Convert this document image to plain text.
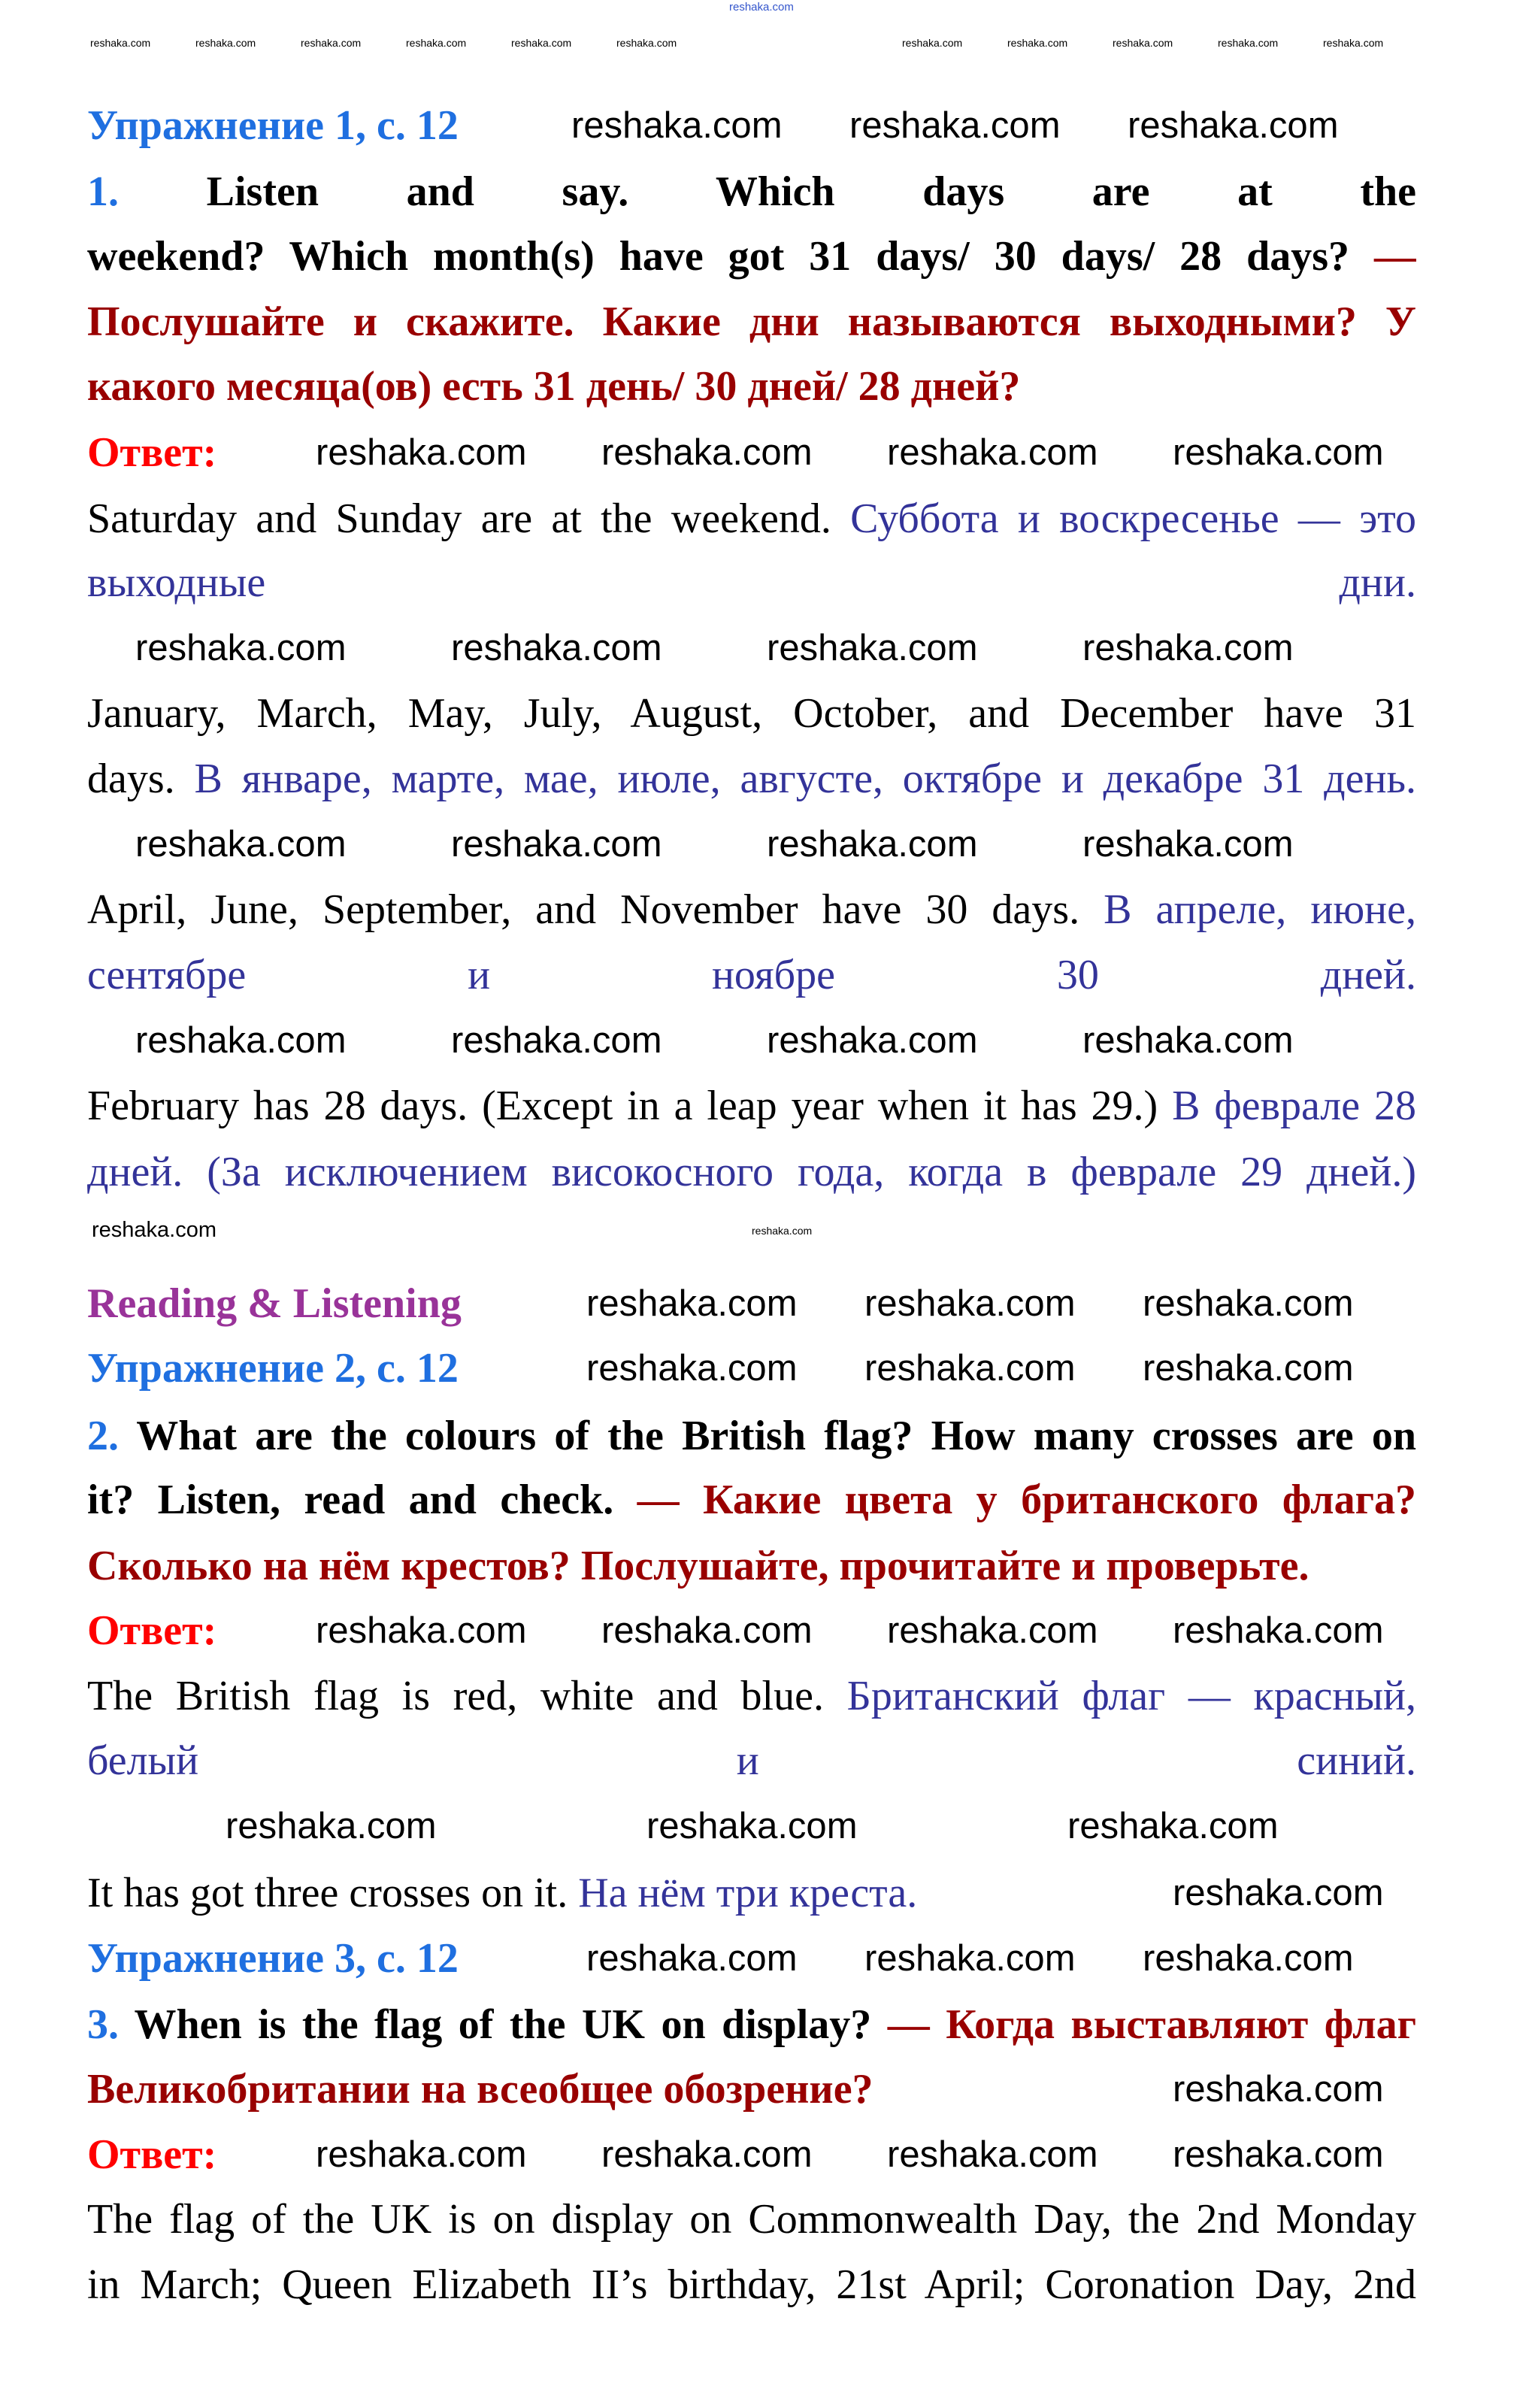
reshaka.com
Упражнение 1, с. 12
1. Listen and say. Which days are at the
weekend? Which month(s) have got 31 days/ 30 days/ 28 days? —
Послушайте и скажите. Какие дни называются выходными? У
какого месяца(ов) есть 31 день/ 30 дней/ 28 дней?
Ответ:
Saturday and Sunday are at the weekend. Суббота и воскресенье — это
выходные дни.
January, March, May, July, August, October, and December have 31
days. В январе, марте, мае, июле, августе, октябре и декабре 31 день.
April, June, September, and November have 30 days. В апреле, июне,
сентябре и ноябре 30 дней.
February has 28 days. (Except in a leap year when it has 29.) В феврале 28
дней. (За исключением високосного года, когда в феврале 29 дней.)
Reading & Listening
Упражнение 2, с. 12
2. What are the colours of the British flag? How many crosses are on
it? Listen, read and check. — Какие цвета у британского флага?
Сколько на нём крестов? Послушайте, прочитайте и проверьте.
Ответ:
The British flag is red, white and blue. Британский флаг — красный,
белый и синий.
It has got three crosses on it. На нём три креста.
Упражнение 3, с. 12
3. When is the flag of the UK on display? — Когда выставляют флаг
Великобритании на всеобщее обозрение?
Ответ:
The flag of the UK is on display on Commonwealth Day, the 2nd Monday
in March; Queen Elizabeth II’s birthday, 21st April; Coronation Day, 2nd
reshaka.com reshaka.com reshaka.com
reshaka.com reshaka.com reshaka.com reshaka.com
reshaka.com	reshaka.com	reshaka.com	reshaka.com
reshaka.com	reshaka.com	reshaka.com	reshaka.com
reshaka.com	reshaka.com	reshaka.com	reshaka.com
reshaka.com
reshaka.com reshaka.com reshaka.com
reshaka.com reshaka.com reshaka.com
reshaka.com reshaka.com reshaka.com reshaka.com
reshaka.com	reshaka.com	reshaka.com
reshaka.com
reshaka.com reshaka.com reshaka.com
reshaka.com
reshaka.com reshaka.com reshaka.com reshaka.com
reshaka.com	reshaka.com	reshaka.com	reshaka.com	reshaka.com	reshaka.com	reshaka.com	reshaka.com	reshaka.com	reshaka.com	reshaka.com
reshaka.com
